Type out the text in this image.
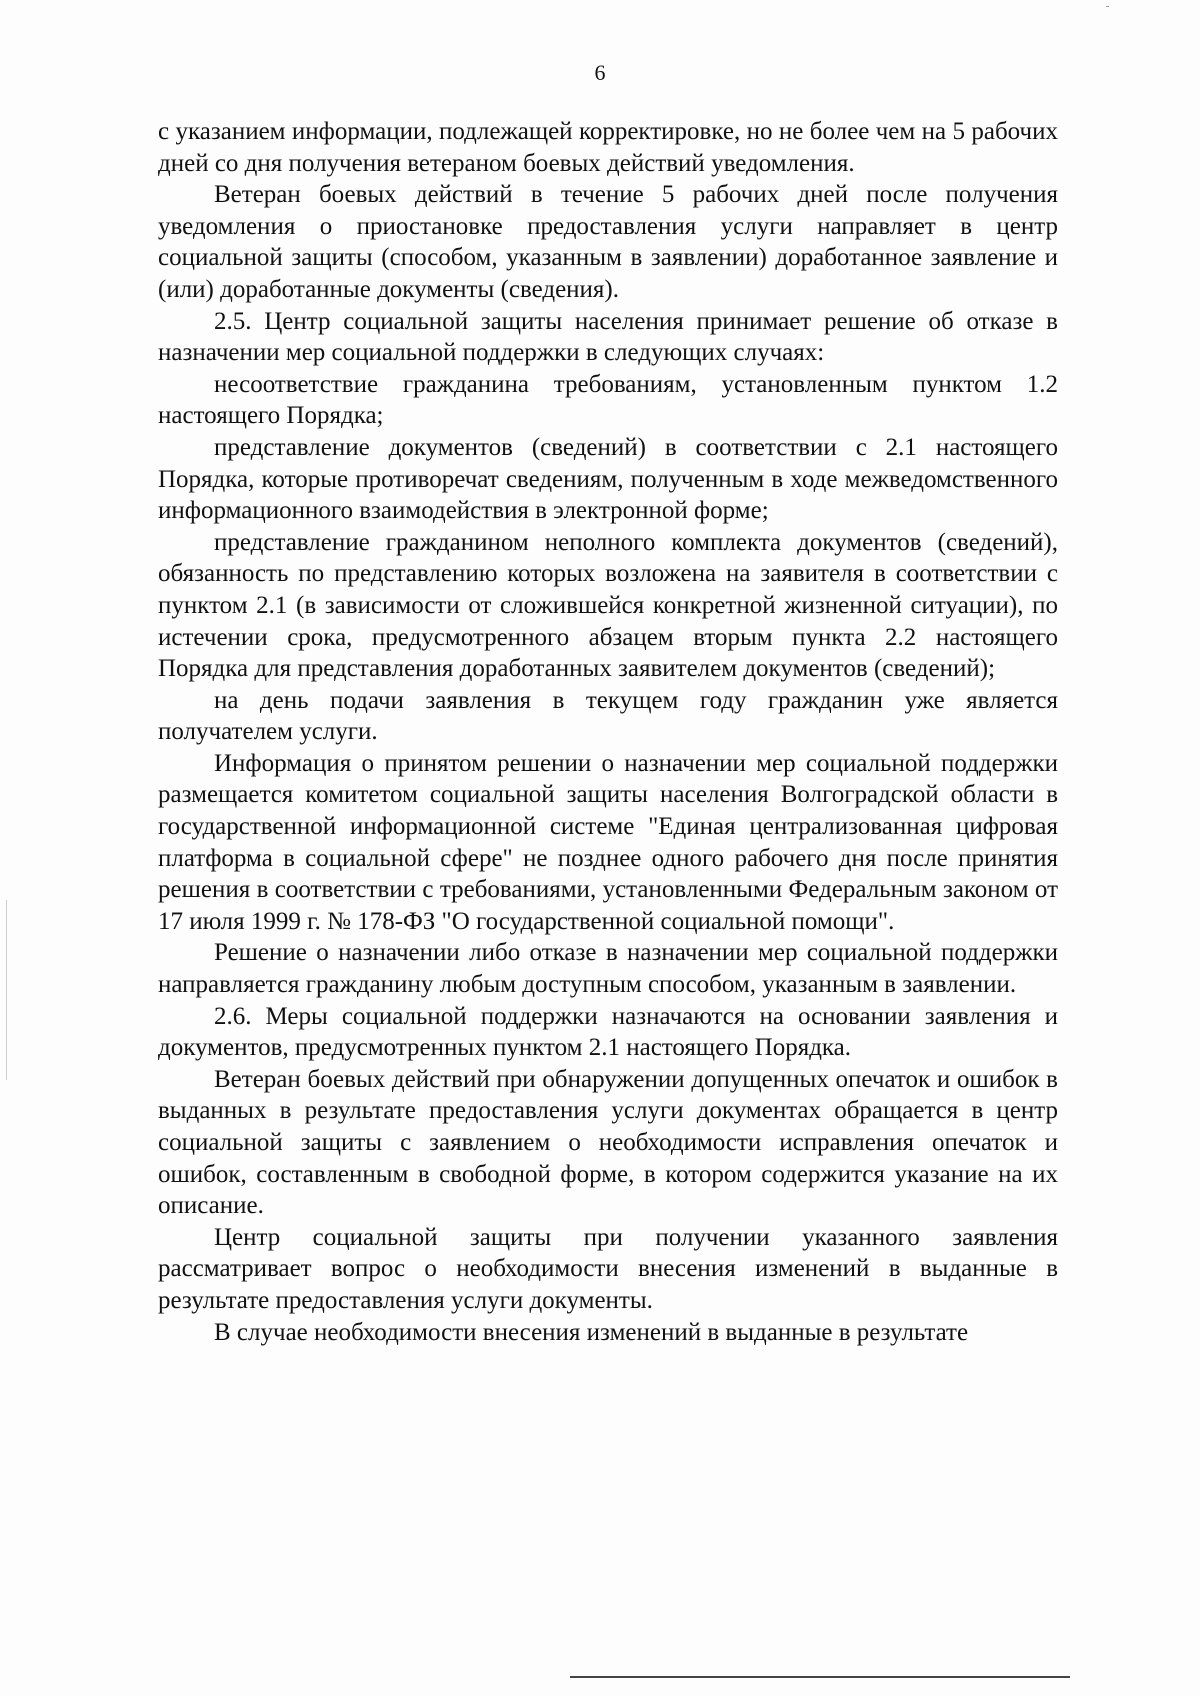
6

с указанием информации, подлежащей корректировке, но не более чем на 5 рабочих дней со дня получения ветераном боевых действий уведомления.

Ветеран боевых действий в течение 5 рабочих дней после получения уведомления о приостановке предоставления услуги направляет в центр социальной защиты (способом, указанным в заявлении) доработанное заявление и (или) доработанные документы (сведения).

2.5. Центр социальной защиты населения принимает решение об отказе в назначении мер социальной поддержки в следующих случаях:

несоответствие гражданина требованиям, установленным пунктом 1.2 настоящего Порядка;

представление документов (сведений) в соответствии с 2.1 настоящего Порядка, которые противоречат сведениям, полученным в ходе межведомственного информационного взаимодействия в электронной форме;

представление гражданином неполного комплекта документов (сведений), обязанность по представлению которых возложена на заявителя в соответствии с пунктом 2.1 (в зависимости от сложившейся конкретной жизненной ситуации), по истечении срока, предусмотренного абзацем вторым пункта 2.2 настоящего Порядка для представления доработанных заявителем документов (сведений);

на день подачи заявления в текущем году гражданин уже является получателем услуги.

Информация о принятом решении о назначении мер социальной поддержки размещается комитетом социальной защиты населения Волгоградской области в государственной информационной системе "Единая централизованная цифровая платформа в социальной сфере" не позднее одного рабочего дня после принятия решения в соответствии с требованиями, установленными Федеральным законом от 17 июля 1999 г. № 178-ФЗ "О государственной социальной помощи".

Решение о назначении либо отказе в назначении мер социальной поддержки направляется гражданину любым доступным способом, указанным в заявлении.

2.6. Меры социальной поддержки назначаются на основании заявления и документов, предусмотренных пунктом 2.1 настоящего Порядка.

Ветеран боевых действий при обнаружении допущенных опечаток и ошибок в выданных в результате предоставления услуги документах обращается в центр социальной защиты с заявлением о необходимости исправления опечаток и ошибок, составленным в свободной форме, в котором содержится указание на их описание.

Центр социальной защиты при получении указанного заявления рассматривает вопрос о необходимости внесения изменений в выданные в результате предоставления услуги документы.

В случае необходимости внесения изменений в выданные в результате
